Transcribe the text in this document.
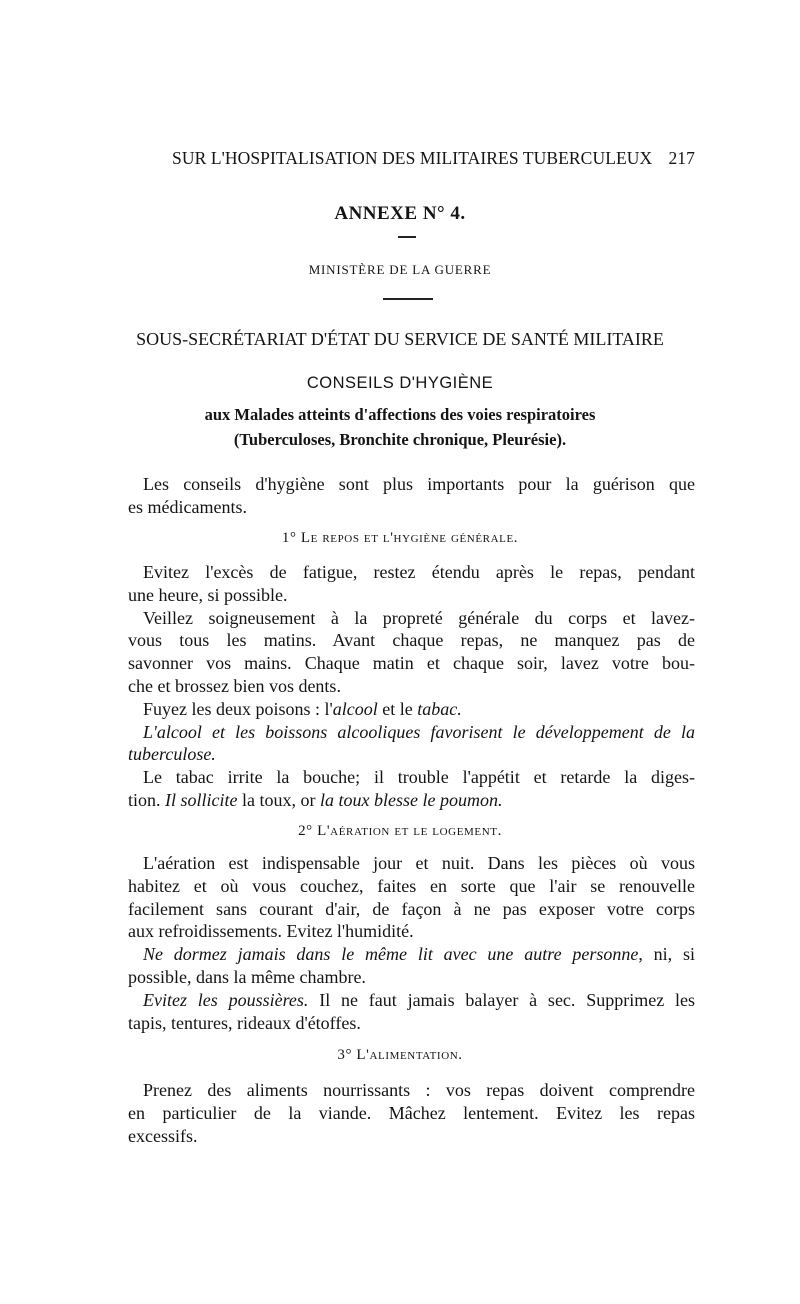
SUR L'HOSPITALISATION DES MILITAIRES TUBERCULEUX 217
ANNEXE N° 4.
MINISTÈRE DE LA GUERRE
SOUS-SECRÉTARIAT D'ÉTAT DU SERVICE DE SANTÉ MILITAIRE
CONSEILS D'HYGIÈNE
aux Malades atteints d'affections des voies respiratoires
(Tuberculoses, Bronchite chronique, Pleurésie).
Les conseils d'hygiène sont plus importants pour la guérison que
es médicaments.
1° Le repos et l'hygiène générale.
Evitez l'excès de fatigue, restez étendu après le repas, pendant
une heure, si possible.
Veillez soigneusement à la propreté générale du corps et lavez-
vous tous les matins. Avant chaque repas, ne manquez pas de
savonner vos mains. Chaque matin et chaque soir, lavez votre bou-
che et brossez bien vos dents.
Fuyez les deux poisons : l'alcool et le tabac.
L'alcool et les boissons alcooliques favorisent le développement de la
tuberculose.
Le tabac irrite la bouche; il trouble l'appétit et retarde la diges-
tion. Il sollicite la toux, or la toux blesse le poumon.
2° L'aération et le logement.
L'aération est indispensable jour et nuit. Dans les pièces où vous
habitez et où vous couchez, faites en sorte que l'air se renouvelle
facilement sans courant d'air, de façon à ne pas exposer votre corps
aux refroidissements. Evitez l'humidité.
Ne dormez jamais dans le même lit avec une autre personne, ni, si
possible, dans la même chambre.
Evitez les poussières. Il ne faut jamais balayer à sec. Supprimez les
tapis, tentures, rideaux d'étoffes.
3° L'alimentation.
Prenez des aliments nourrissants : vos repas doivent comprendre
en particulier de la viande. Mâchez lentement. Evitez les repas
excessifs.
